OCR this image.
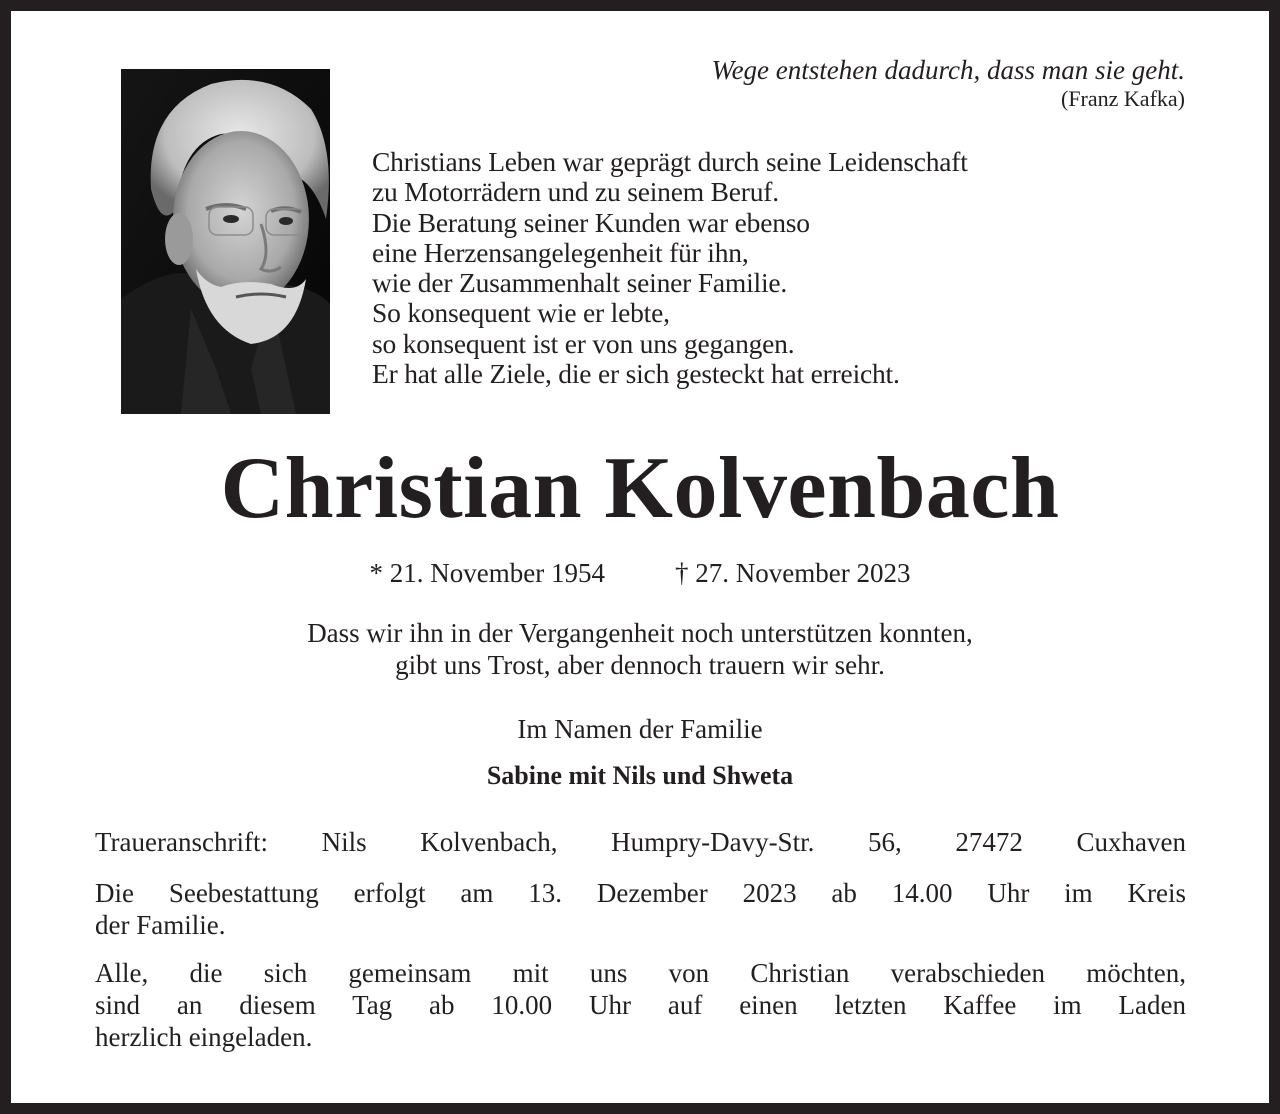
Wege entstehen dadurch, dass man sie geht.
(Franz Kafka)
Christians Leben war geprägt durch seine Leidenschaft
zu Motorrädern und zu seinem Beruf.
Die Beratung seiner Kunden war ebenso
eine Herzensangelegenheit für ihn,
wie der Zusammenhalt seiner Familie.
So konsequent wie er lebte,
so konsequent ist er von uns gegangen.
Er hat alle Ziele, die er sich gesteckt hat erreicht.
Christian Kolvenbach
* 21. November 1954	† 27. November 2023
Dass wir ihn in der Vergangenheit noch unterstützen konnten,
gibt uns Trost, aber dennoch trauern wir sehr.
Im Namen der Familie
Sabine mit Nils und Shweta
Traueranschrift: Nils Kolvenbach, Humpry-Davy-Str. 56, 27472 Cuxhaven
Die Seebestattung erfolgt am 13. Dezember 2023 ab 14.00 Uhr im Kreis
der Familie.
Alle, die sich gemeinsam mit uns von Christian verabschieden möchten,
sind an diesem Tag ab 10.00 Uhr auf einen letzten Kaffee im Laden
herzlich eingeladen.
